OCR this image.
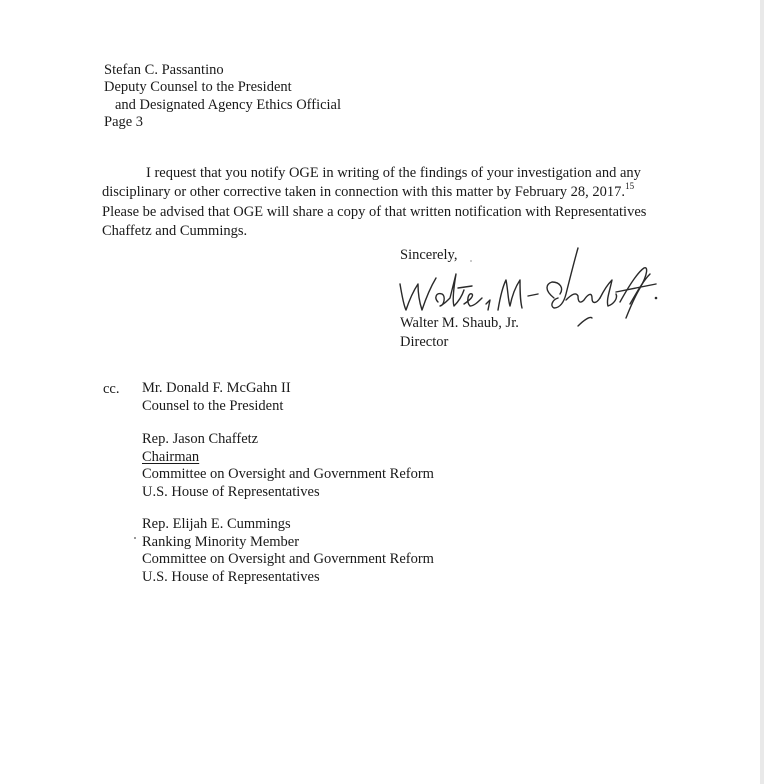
Stefan C. Passantino
Deputy Counsel to the President
and Designated Agency Ethics Official
Page 3
I request that you notify OGE in writing of the findings of your investigation and any
disciplinary or other corrective taken in connection with this matter by February 28, 2017.15
Please be advised that OGE will share a copy of that written notification with Representatives
Chaffetz and Cummings.
Sincerely,
Walter M. Shaub, Jr.
Director
cc. Mr. Donald F. McGahn II
Counsel to the President
Rep. Jason Chaffetz
Chairman
Committee on Oversight and Government Reform
U.S. House of Representatives
Rep. Elijah E. Cummings
Ranking Minority Member
Committee on Oversight and Government Reform
U.S. House of Representatives
